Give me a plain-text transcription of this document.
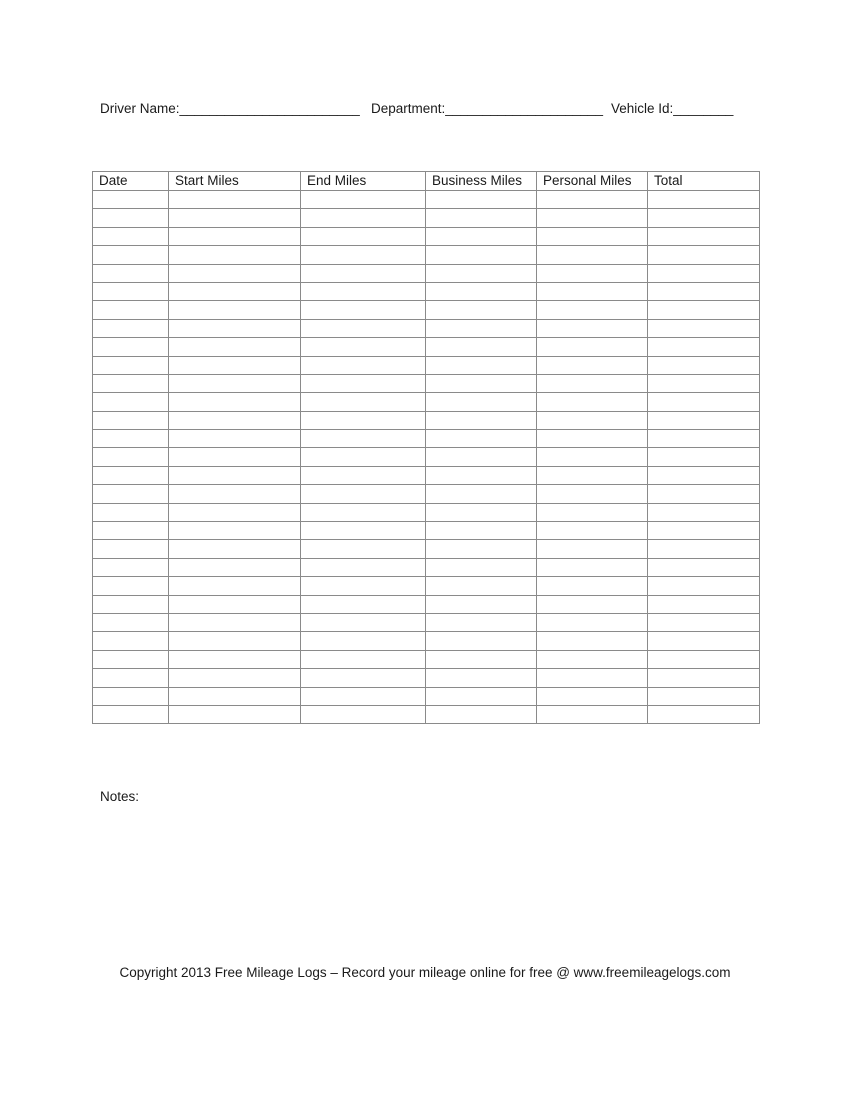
Driver Name:________________________ Department:_____________________ Vehicle Id:________
Date	Start Miles	End Miles	Business Miles	Personal Miles	Total

Notes:
Copyright 2013 Free Mileage Logs – Record your mileage online for free @ www.freemileagelogs.com
